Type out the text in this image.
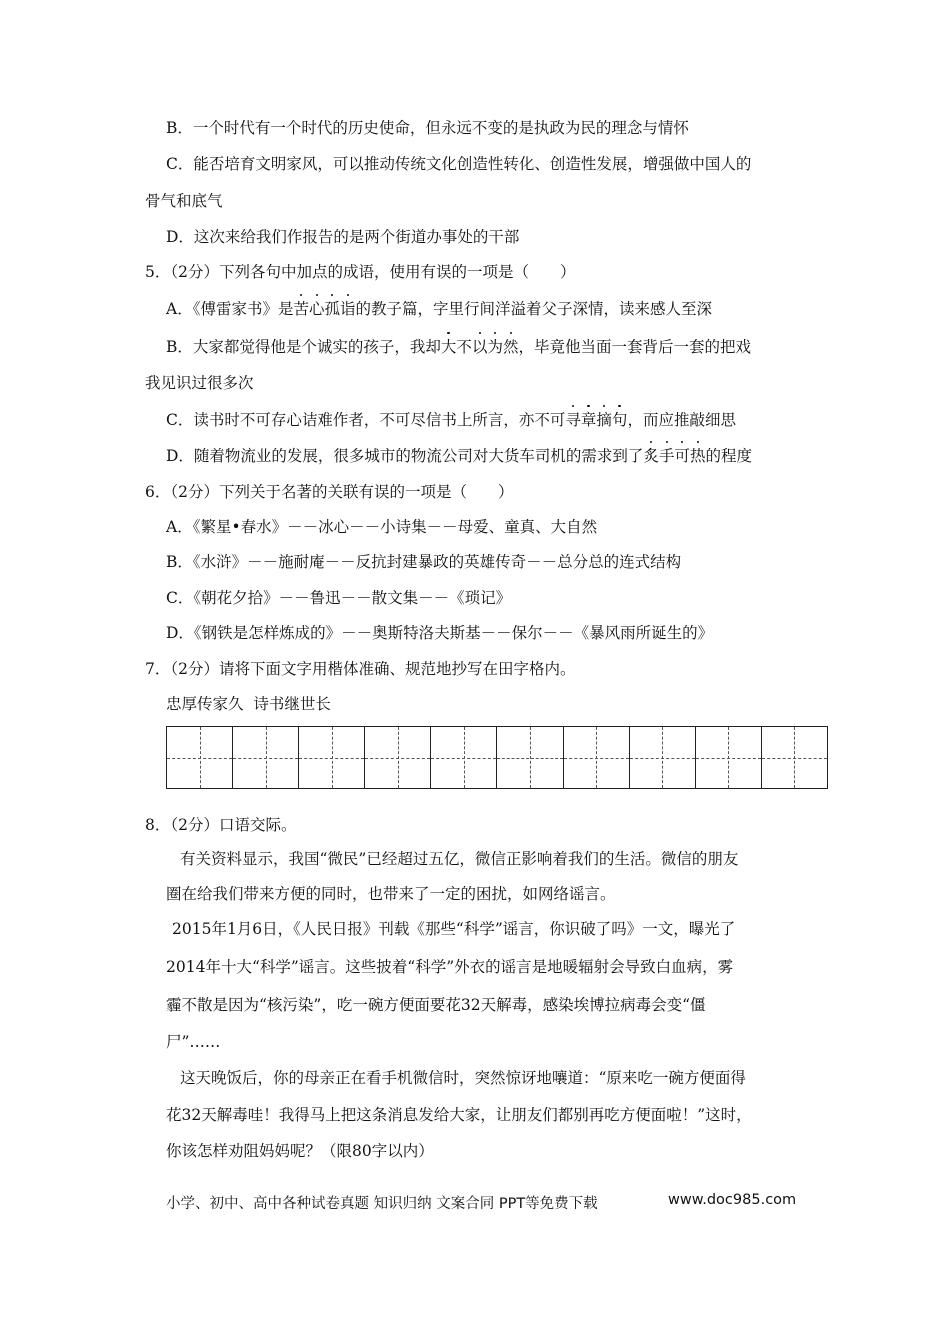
B．一个时代有一个时代的历史使命，但永远不变的是执政为民的理念与情怀
C．能否培育文明家风，可以推动传统文化创造性转化、创造性发展，增强做中国人的
骨气和底气
D．这次来给我们作报告的是两个街道办事处的干部
5．（2分）下列各句中加点的成语，使用有误的一项是（　　）
A．《傅雷家书》是苦心孤诣的教子篇，字里行间洋溢着父子深情，读来感人至深
B．大家都觉得他是个诚实的孩子，我却大不以为然，毕竟他当面一套背后一套的把戏
我见识过很多次
C．读书时不可存心诘难作者，不可尽信书上所言，亦不可寻章摘句，而应推敲细思
D．随着物流业的发展，很多城市的物流公司对大货车司机的需求到了炙手可热的程度
6．（2分）下列关于名著的关联有误的一项是（　　）
A．《繁星•春水》－－冰心－－小诗集－－母爱、童真、大自然
B．《水浒》－－施耐庵－－反抗封建暴政的英雄传奇－－总分总的连式结构
C．《朝花夕拾》－－鲁迅－－散文集－－《琐记》
D．《钢铁是怎样炼成的》－－奥斯特洛夫斯基－－保尔－－《暴风雨所诞生的》
7．（2分）请将下面文字用楷体准确、规范地抄写在田字格内。
忠厚传家久  诗书继世长
8．（2分）口语交际。
有关资料显示，我国“微民”已经超过五亿，微信正影响着我们的生活。微信的朋友
圈在给我们带来方便的同时，也带来了一定的困扰，如网络谣言。
2015年1月6日，《人民日报》刊载《那些“科学”谣言，你识破了吗》一文，曝光了
2014年十大“科学”谣言。这些披着“科学”外衣的谣言是地暖辐射会导致白血病，雾
霾不散是因为“核污染”，吃一碗方便面要花32天解毒，感染埃博拉病毒会变“僵
尸”……
这天晚饭后，你的母亲正在看手机微信时，突然惊讶地嚷道：“原来吃一碗方便面得
花32天解毒哇！我得马上把这条消息发给大家，让朋友们都别再吃方便面啦！”这时，
你该怎样劝阻妈妈呢？（限80字以内）
小学、初中、高中各种试卷真题 知识归纳 文案合同 PPT等免费下载	www.doc985.com
